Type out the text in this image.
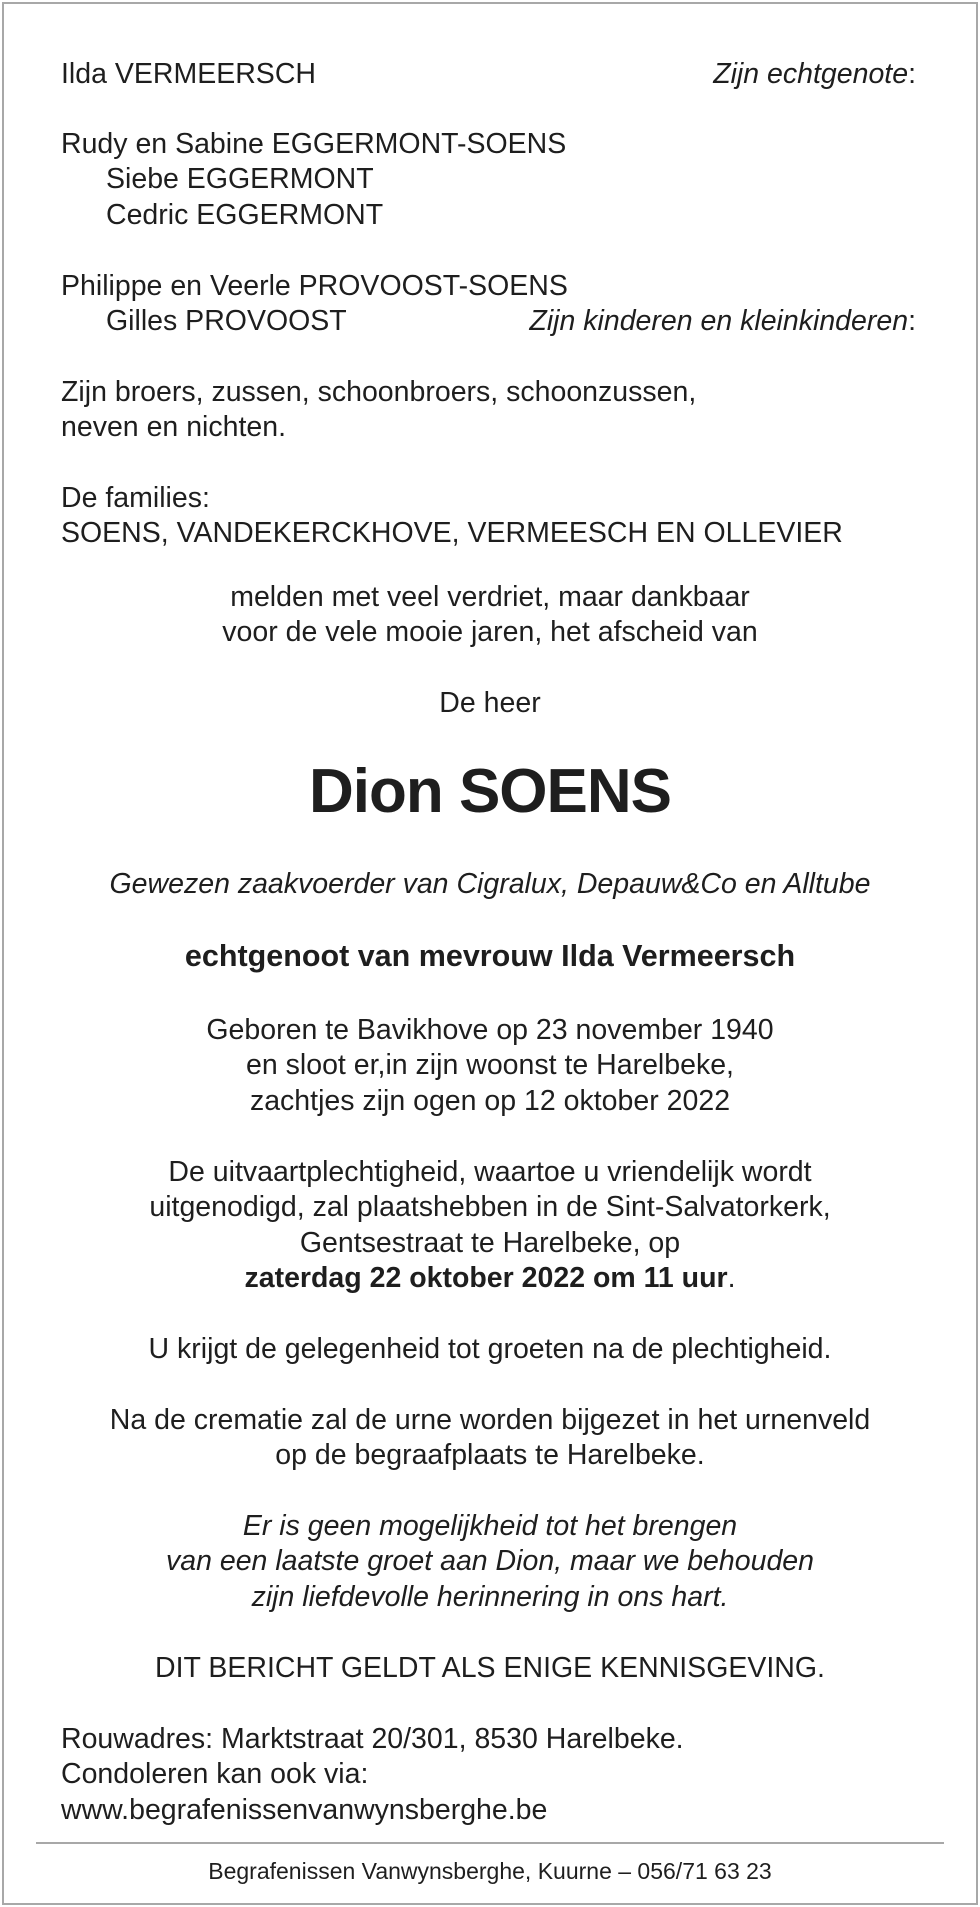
Ilda VERMEERSCH	Zijn echtgenote:
Rudy en Sabine EGGERMONT-SOENS
Siebe EGGERMONT
Cedric EGGERMONT
Philippe en Veerle PROVOOST-SOENS
Gilles PROVOOST	Zijn kinderen en kleinkinderen:
Zijn broers, zussen, schoonbroers, schoonzussen,
neven en nichten.
De families:
SOENS, VANDEKERCKHOVE, VERMEESCH EN OLLEVIER
melden met veel verdriet, maar dankbaar
voor de vele mooie jaren, het afscheid van
De heer
Dion SOENS
Gewezen zaakvoerder van Cigralux, Depauw&Co en Alltube
echtgenoot van mevrouw Ilda Vermeersch
Geboren te Bavikhove op 23 november 1940
en sloot er,in zijn woonst te Harelbeke,
zachtjes zijn ogen op 12 oktober 2022
De uitvaartplechtigheid, waartoe u vriendelijk wordt
uitgenodigd, zal plaatshebben in de Sint-Salvatorkerk,
Gentsestraat te Harelbeke, op
zaterdag 22 oktober 2022 om 11 uur.
U krijgt de gelegenheid tot groeten na de plechtigheid.
Na de crematie zal de urne worden bijgezet in het urnenveld
op de begraafplaats te Harelbeke.
Er is geen mogelijkheid tot het brengen
van een laatste groet aan Dion, maar we behouden
zijn liefdevolle herinnering in ons hart.
DIT BERICHT GELDT ALS ENIGE KENNISGEVING.
Rouwadres: Marktstraat 20/301, 8530 Harelbeke.
Condoleren kan ook via:
www.begrafenissenvanwynsberghe.be
Begrafenissen Vanwynsberghe, Kuurne – 056/71 63 23
